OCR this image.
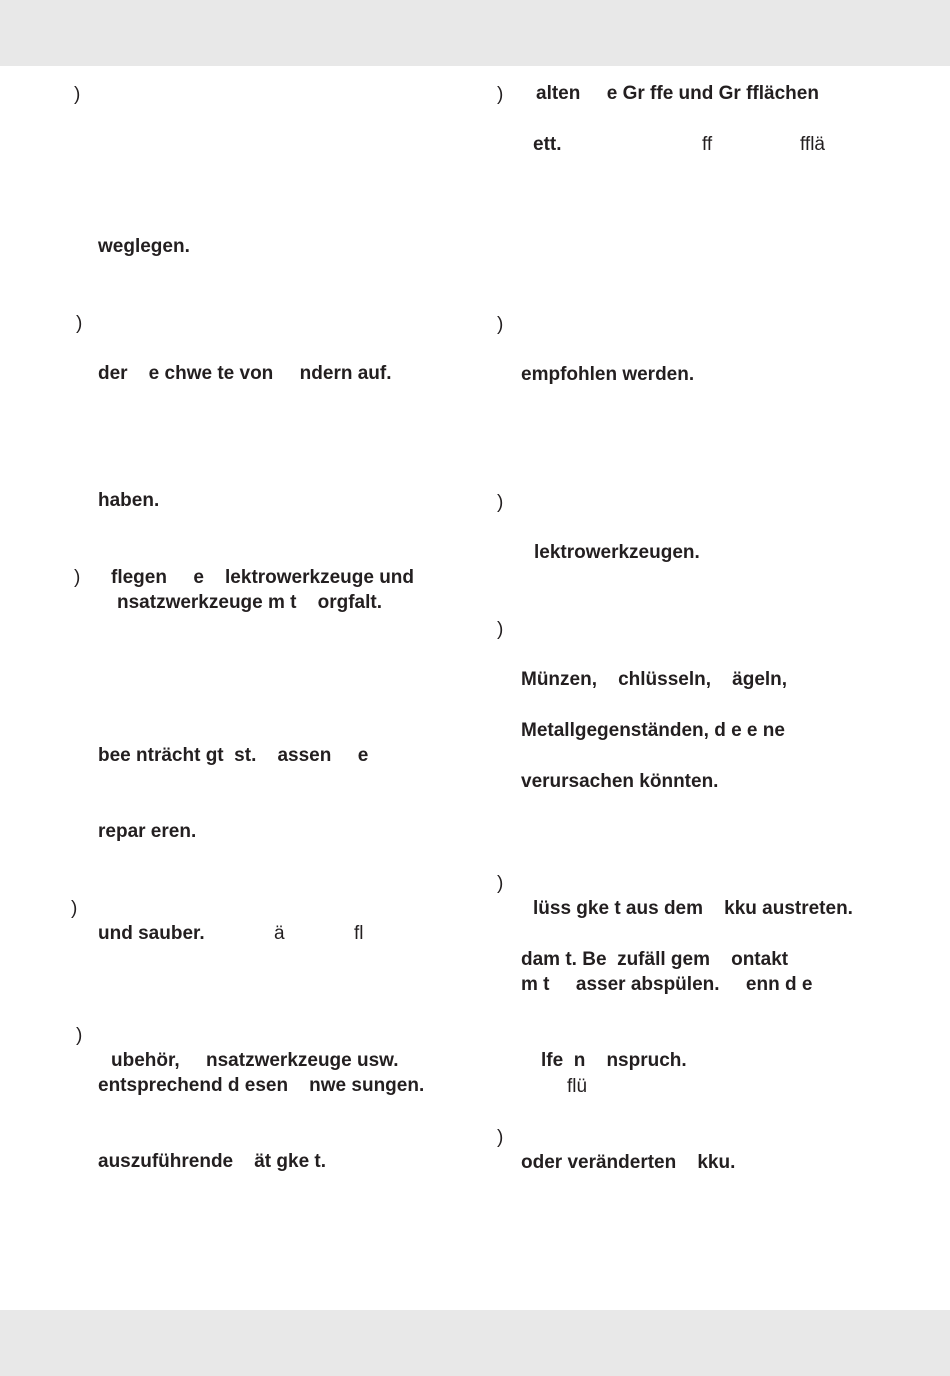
)
weglegen.
)
der    e chwe te von     ndern auf.
haben.
) flegen     e    lektrowerkzeuge und
nsatzwerkzeuge m t    orgfalt.
bee nträcht gt  st.    assen     e
repar eren.
)
und sauber.	ä	fl
)
ubehör,     nsatzwerkzeuge usw.
entsprechend d esen    nwe sungen.
auszuführende    ät gke t.
) alten     e Gr ffe und Gr fflächen
ett.	ff	fflä
)
empfohlen werden.
)
lektrowerkzeugen.
)
Münzen,    chlüsseln,    ägeln,
Metallgegenständen, d e e ne
verursachen könnten.
)
lüss gke t aus dem    kku austreten.
dam t. Be  zufäll gem    ontakt
m t     asser abspülen.     enn d e
lfe  n    nspruch.
flü
)
oder veränderten    kku.
